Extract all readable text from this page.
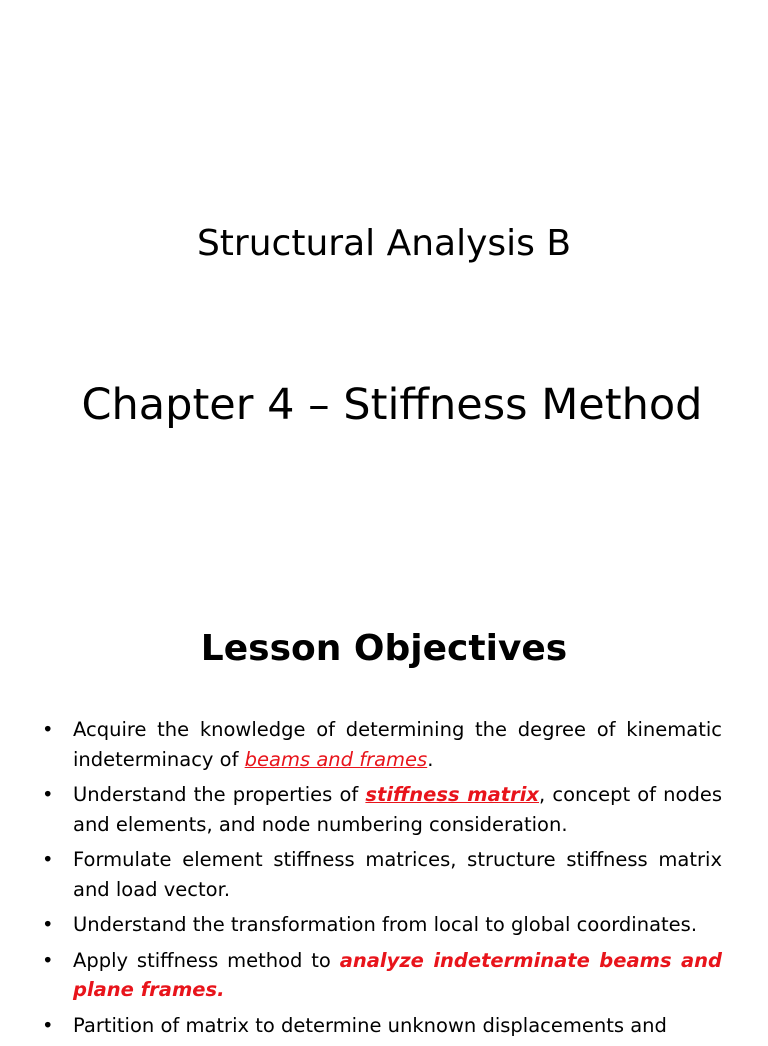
Structural Analysis B
Chapter 4 – Stiffness Method
Lesson Objectives
• Acquire the knowledge of determining the degree of kinematic indeterminacy of beams and frames.
• Understand the properties of stiffness matrix, concept of nodes and elements, and node numbering consideration.
• Formulate element stiffness matrices, structure stiffness matrix and load vector.
• Understand the transformation from local to global coordinates.
• Apply stiffness method to analyze indeterminate beams and plane frames.
• Partition of matrix to determine unknown displacements and
